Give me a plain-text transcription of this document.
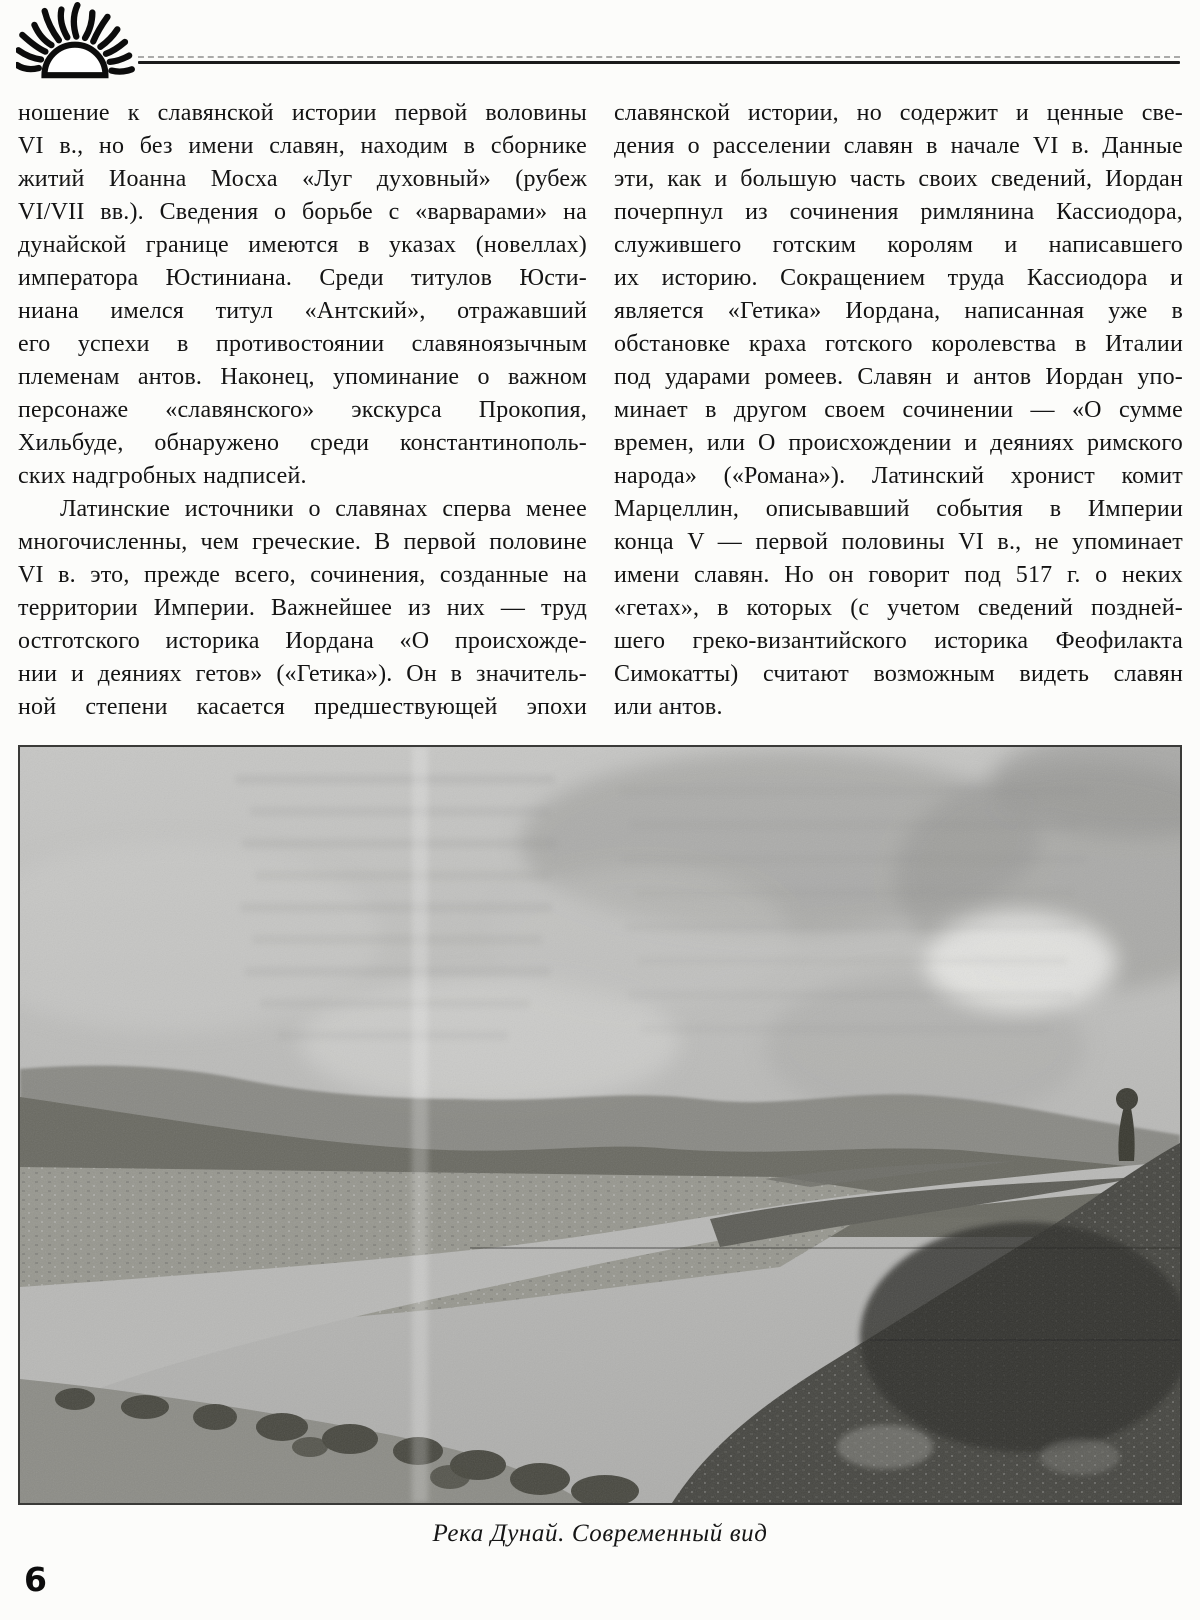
ношение к славянской истории первой воловины
VI в., но без имени славян, находим в сборнике
житий Иоанна Мосха «Луг духовный» (рубеж
VI/VII вв.). Сведения о борьбе с «варварами» на
дунайской границе имеются в указах (новеллах)
императора Юстиниана. Среди титулов Юсти-
ниана имелся титул «Антский», отражавший
его успехи в противостоянии славяноязычным
племенам антов. Наконец, упоминание о важном
персонаже «славянского» экскурса Прокопия,
Хильбуде, обнаружено среди константинополь-
ских надгробных надписей.
Латинские источники о славянах сперва менее
многочисленны, чем греческие. В первой половине
VI в. это, прежде всего, сочинения, созданные на
территории Империи. Важнейшее из них — труд
остготского историка Иордана «О происхожде-
нии и деяниях гетов» («Гетика»). Он в значитель-
ной степени касается предшествующей эпохи
славянской истории, но содержит и ценные све-
дения о расселении славян в начале VI в. Данные
эти, как и большую часть своих сведений, Иордан
почерпнул из сочинения римлянина Кассиодора,
служившего готским королям и написавшего
их историю. Сокращением труда Кассиодора и
является «Гетика» Иордана, написанная уже в
обстановке краха готского королевства в Италии
под ударами ромеев. Славян и антов Иордан упо-
минает в другом своем сочинении — «О сумме
времен, или О происхождении и деяниях римского
народа» («Романа»). Латинский хронист комит
Марцеллин, описывавший события в Империи
конца V — первой половины VI в., не упоминает
имени славян. Но он говорит под 517 г. о неких
«гетах», в которых (с учетом сведений поздней-
шего греко-византийского историка Феофилакта
Симокатты) считают возможным видеть славян
или антов.
Река Дунай. Современный вид
6
